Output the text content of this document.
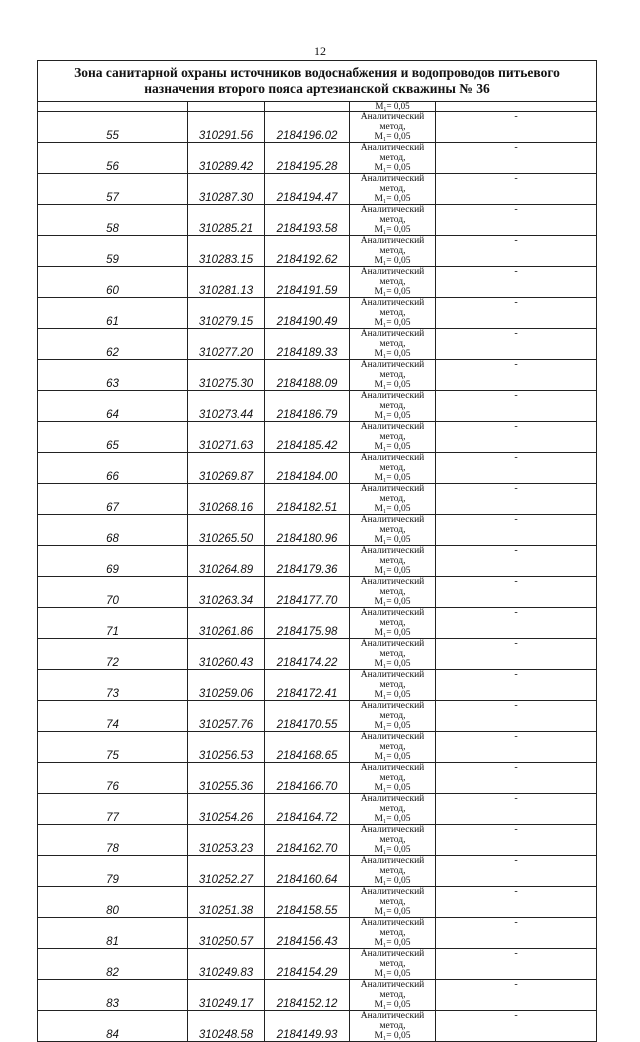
12
Зона санитарной охраны источников водоснабжения и водопроводов питьевого назначения второго пояса артезианской скважины № 36				
			M₁= 0,05	
55	310291.56	2184196.02	Аналитический метод,
M₁= 0,05	-
56	310289.42	2184195.28	Аналитический метод,
M₁= 0,05	-
57	310287.30	2184194.47	Аналитический метод,
M₁= 0,05	-
58	310285.21	2184193.58	Аналитический метод,
M₁= 0,05	-
59	310283.15	2184192.62	Аналитический метод,
M₁= 0,05	-
60	310281.13	2184191.59	Аналитический метод,
M₁= 0,05	-
61	310279.15	2184190.49	Аналитический метод,
M₁= 0,05	-
62	310277.20	2184189.33	Аналитический метод,
M₁= 0,05	-
63	310275.30	2184188.09	Аналитический метод,
M₁= 0,05	-
64	310273.44	2184186.79	Аналитический метод,
M₁= 0,05	-
65	310271.63	2184185.42	Аналитический метод,
M₁= 0,05	-
66	310269.87	2184184.00	Аналитический метод,
M₁= 0,05	-
67	310268.16	2184182.51	Аналитический метод,
M₁= 0,05	-
68	310265.50	2184180.96	Аналитический метод,
M₁= 0,05	-
69	310264.89	2184179.36	Аналитический метод,
M₁= 0,05	-
70	310263.34	2184177.70	Аналитический метод,
M₁= 0,05	-
71	310261.86	2184175.98	Аналитический метод,
M₁= 0,05	-
72	310260.43	2184174.22	Аналитический метод,
M₁= 0,05	-
73	310259.06	2184172.41	Аналитический метод,
M₁= 0,05	-
74	310257.76	2184170.55	Аналитический метод,
M₁= 0,05	-
75	310256.53	2184168.65	Аналитический метод,
M₁= 0,05	-
76	310255.36	2184166.70	Аналитический метод,
M₁= 0,05	-
77	310254.26	2184164.72	Аналитический метод,
M₁= 0,05	-
78	310253.23	2184162.70	Аналитический метод,
M₁= 0,05	-
79	310252.27	2184160.64	Аналитический метод,
M₁= 0,05	-
80	310251.38	2184158.55	Аналитический метод,
M₁= 0,05	-
81	310250.57	2184156.43	Аналитический метод,
M₁= 0,05	-
82	310249.83	2184154.29	Аналитический метод,
M₁= 0,05	-
83	310249.17	2184152.12	Аналитический метод,
M₁= 0,05	-
84	310248.58	2184149.93	Аналитический метод,
M₁= 0,05	-
